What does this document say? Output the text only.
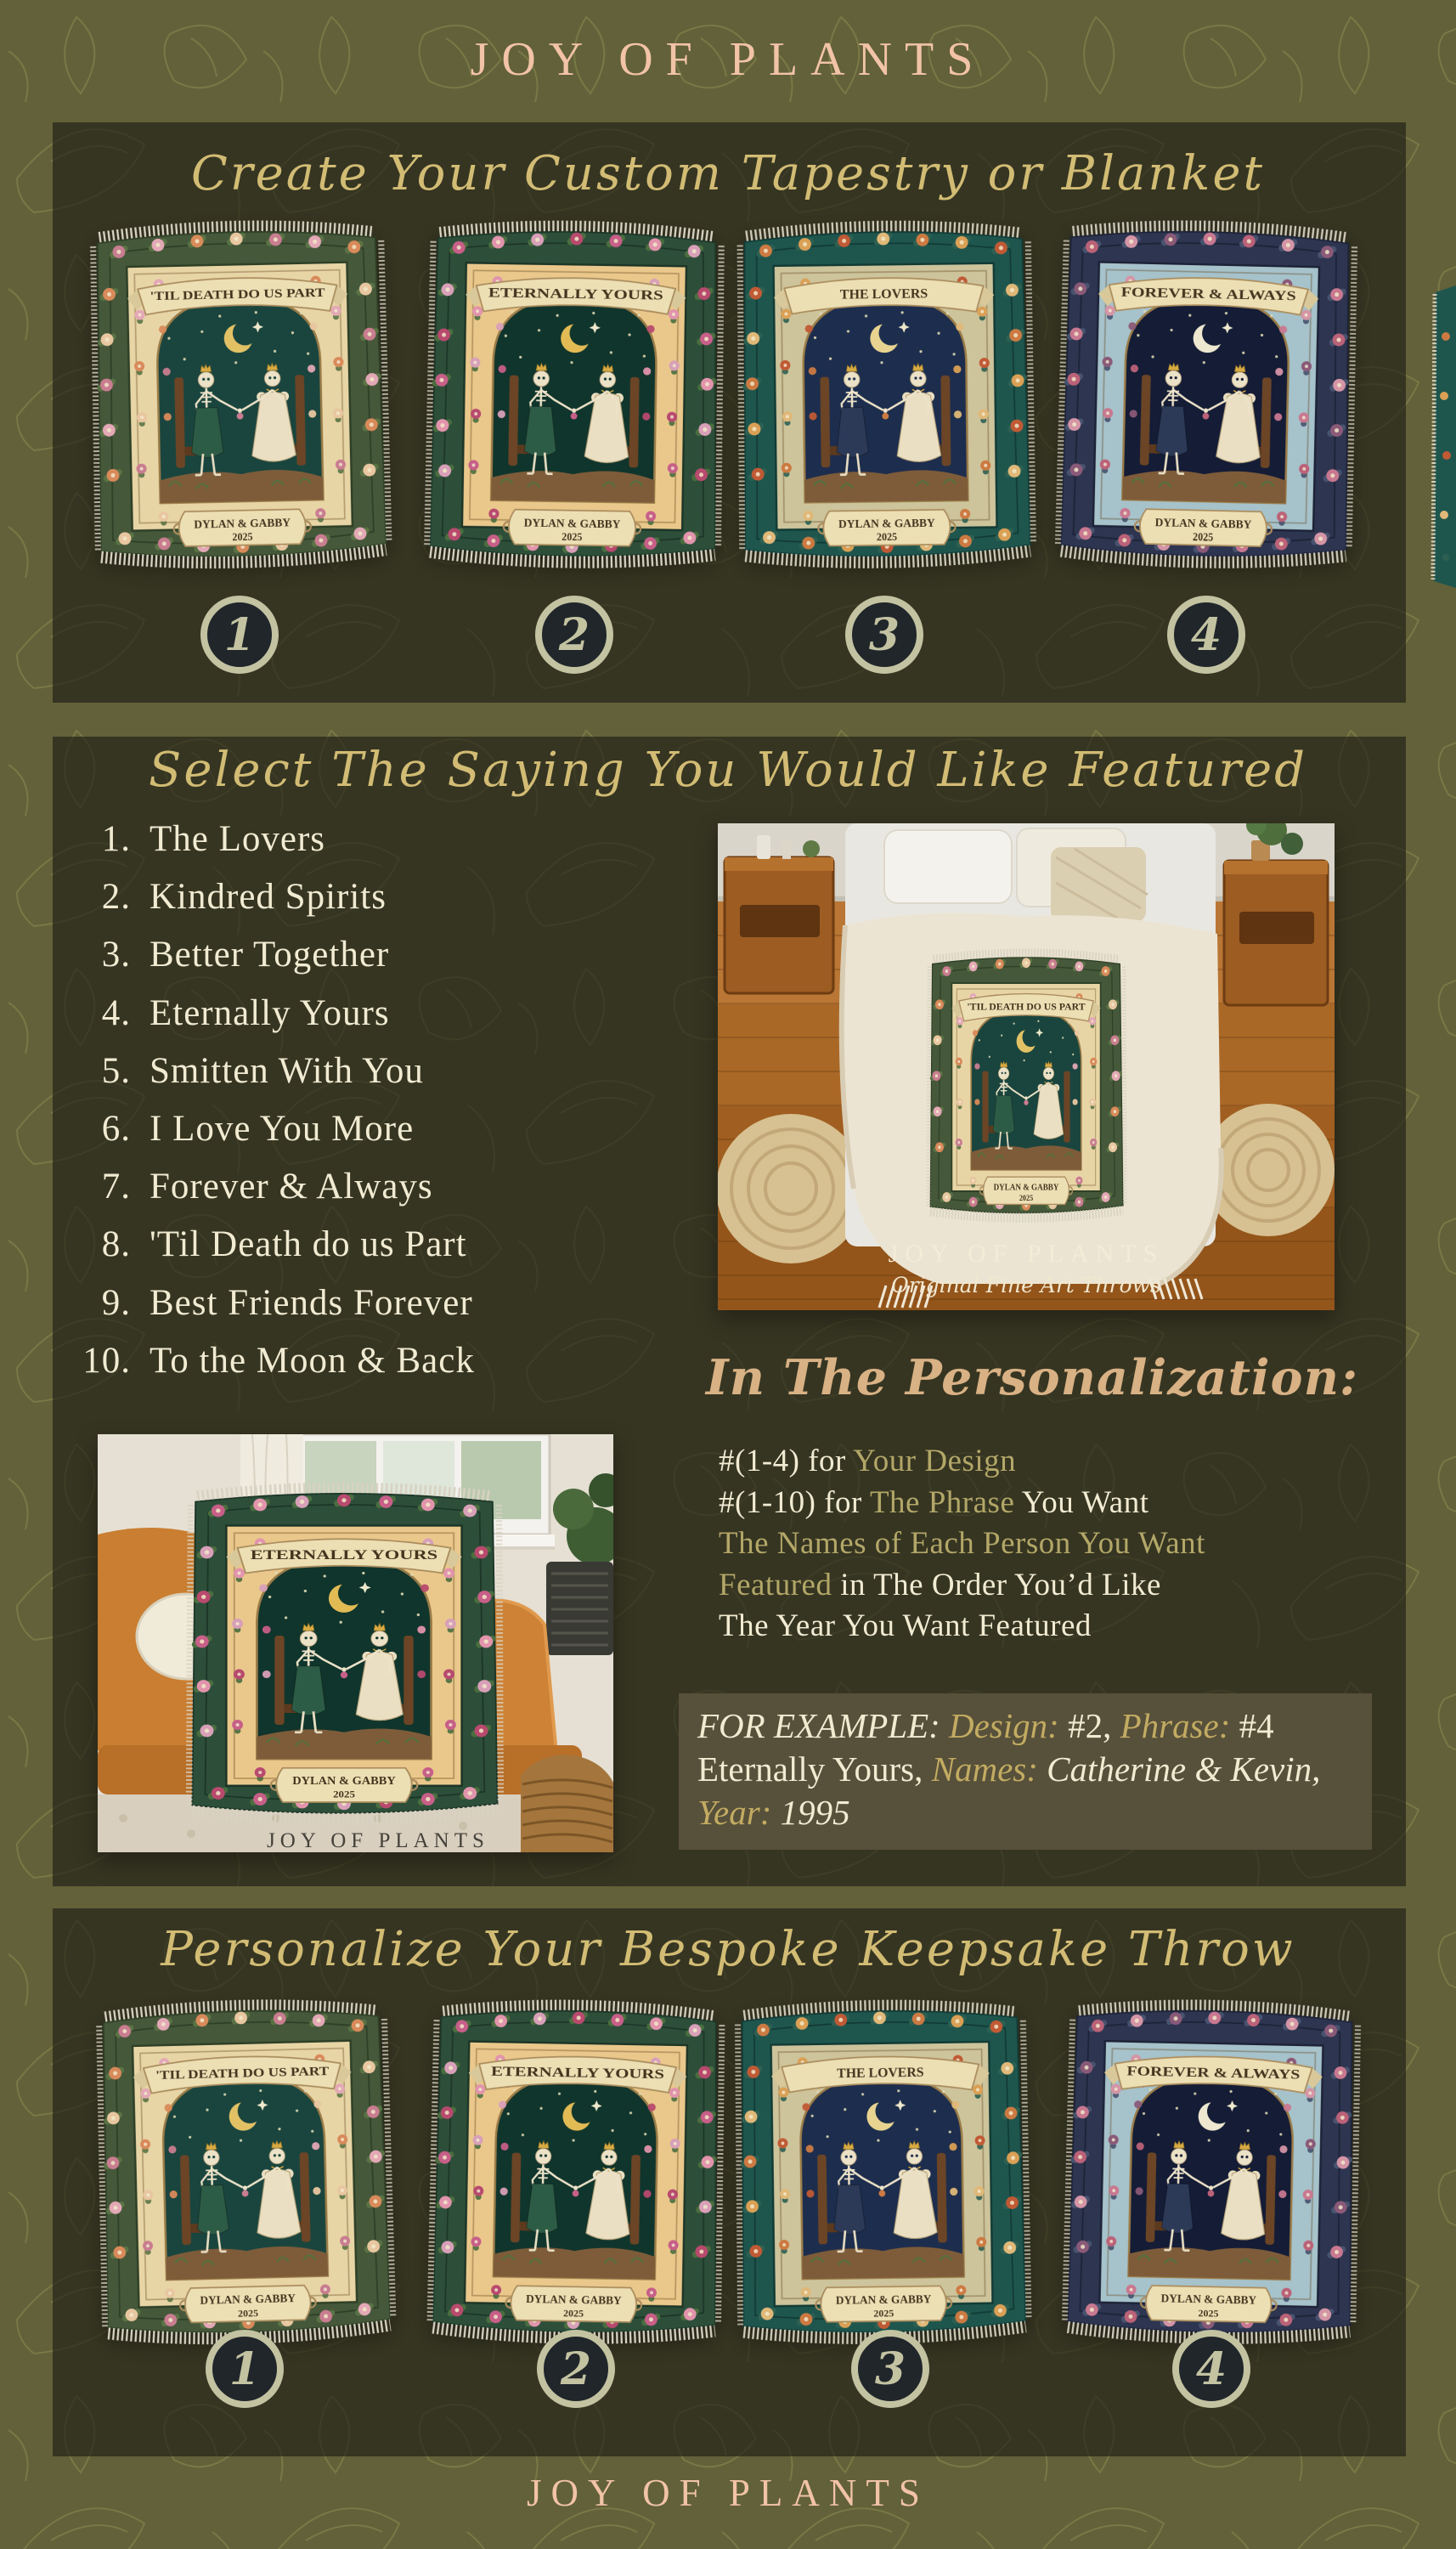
JOY OF PLANTS
Create Your Custom Tapestry or Blanket
'TIL DEATH DO US PART
DYLAN & GABBY
2025
1
ETERNALLY YOURS
DYLAN & GABBY
2025
2
THE LOVERS
DYLAN & GABBY
2025
3
FOREVER & ALWAYS
DYLAN & GABBY
2025
4
Select The Saying You Would Like Featured
1. The Lovers
2. Kindred Spirits
3. Better Together
4. Eternally Yours
5. Smitten With You
6. I Love You More
7. Forever & Always
8. 'Til Death do us Part
9. Best Friends Forever
10. To the Moon & Back
'TIL DEATH DO US PART
DYLAN & GABBY
2025
JOY OF PLANTS
Original Fine Art Throws
In The Personalization:
#(1-4) for Your Design
#(1-10) for The Phrase You Want
The Names of Each Person You Want
Featured in The Order You’d Like
The Year You Want Featured
FOR EXAMPLE: Design: #2, Phrase: #4 Eternally Yours, Names: Catherine & Kevin, Year: 1995
ETERNALLY YOURS
DYLAN & GABBY
2025
JOY OF PLANTS
Personalize Your Bespoke Keepsake Throw
'TIL DEATH DO US PART
DYLAN & GABBY
2025
1
ETERNALLY YOURS
DYLAN & GABBY
2025
2
THE LOVERS
DYLAN & GABBY
2025
3
FOREVER & ALWAYS
DYLAN & GABBY
2025
4
JOY OF PLANTS
